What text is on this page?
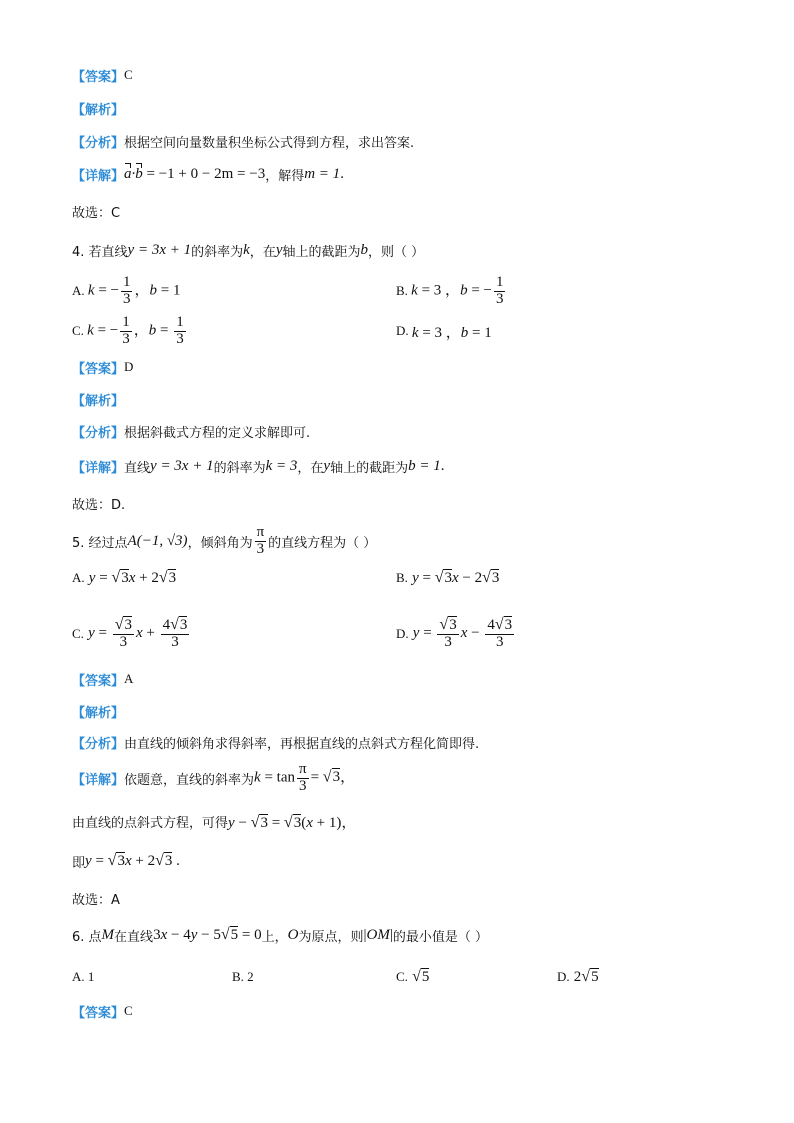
【答案】 C
【解析】
【分析】 根据空间向量数量积坐标公式得到方程，求出答案.
【详解】 a·b = −1 + 0 − 2m = −3 ，解得 m = 1 .
故选：C
4. 若直线 y = 3x + 1 的斜率为 k ，在 y 轴上的截距为 b ，则（ ）
A.
k = − $\frac{1}{3}$ ，b = 1	B.
k = 3 ，b = − $\frac{1}{3}$
C.
k = − $\frac{1}{3}$ ，$b = \frac{1}{3}$	D.
k = 3 ，b = 1
【答案】 D
【解析】
【分析】 根据斜截式方程的定义求解即可.
【详解】 直线 y = 3x + 1 的斜率为 k = 3 ，在 y 轴上的截距为 b = 1 .
故选：D.
5. 经过点 A(−1, √3) ，倾斜角为 $\frac{\pi}{3}$ 的直线方程为（ ）
A.
y = √3x + 2√3	B.
y = √3x − 2√3
C.
$y = \frac{√3}{3}$ $x + \frac{4√3}{3}$	D.
$y = \frac{√3}{3}$ $x - \frac{4√3}{3}$
【答案】 A
【解析】
【分析】 由直线的倾斜角求得斜率，再根据直线的点斜式方程化简即得.
【详解】 依题意，直线的斜率为 $k = \tan \frac{\pi}{3} = √3$，
由直线的点斜式方程，可得 y − √3 = √3(x + 1)，
即 y = √3x + 2√3 .
故选：A
6. 点 M 在直线 3x − 4y − 5√5 = 0 上， O 为原点，则 |OM| 的最小值是（ ）
A. 1	B. 2	C.
√5	D.
2√5
【答案】 C
